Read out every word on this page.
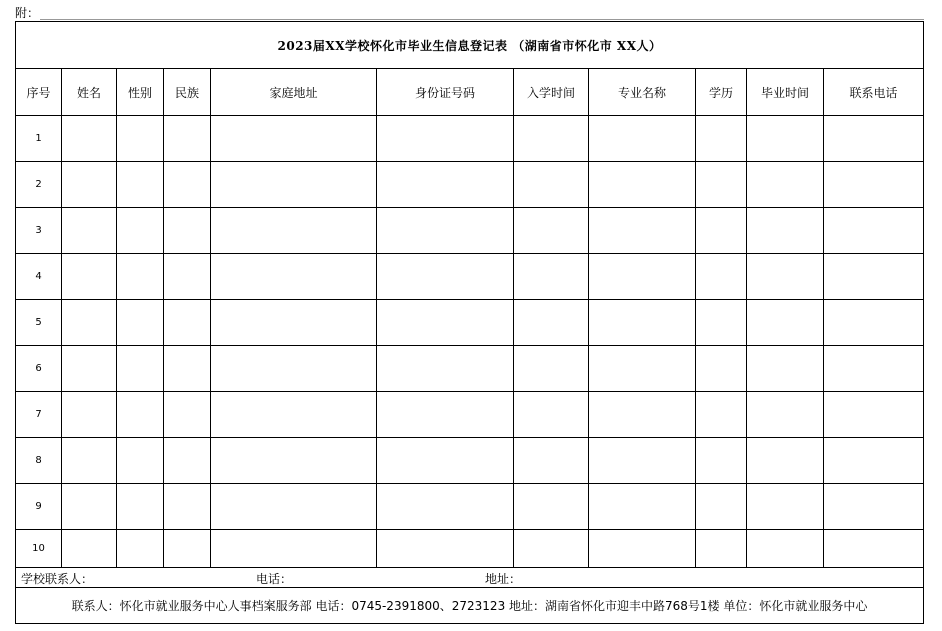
附：
2023届XX学校怀化市毕业生信息登记表 （湖南省市怀化市 XX人）										
序号	姓名	性别	民族	家庭地址	身份证号码	入学时间	专业名称	学历	毕业时间	联系电话
1										
2										
3										
4										
5										
6										
7										
8										
9										
10										

学校联系人： 电话： 地址：										

联系人：怀化市就业服务中心人事档案服务部 电话：0745-2391800、2723123 地址：湖南省怀化市迎丰中路768号1楼 单位：怀化市就业服务中心										
